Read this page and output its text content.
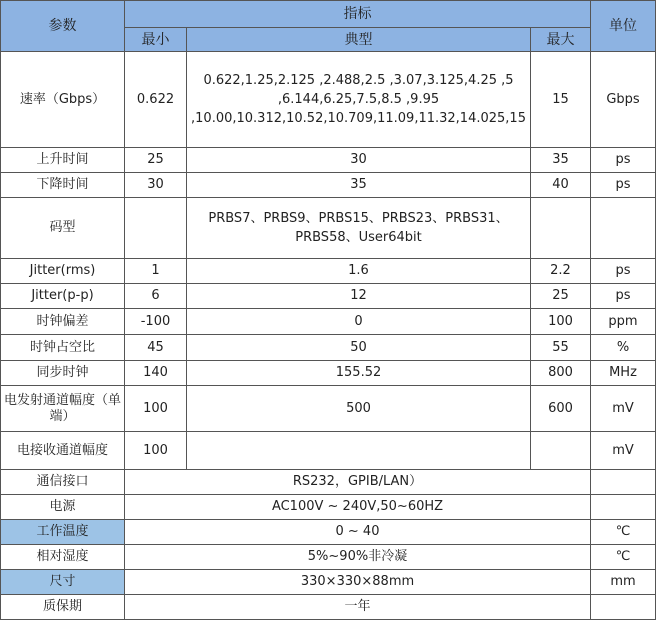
参数	指标			单位
	最小	典型	最大	
速率（Gbps）	0.622	0.622,1.25,2.125 ,2.488,2.5 ,3.07,3.125,4.25 ,5 ,6.144,6.25,7.5,8.5 ,9.95 ,10.00,10.312,10.52,10.709,11.09,11.32,14.025,15	15	Gbps
上升时间	25	30	35	ps
下降时间	30	35	40	ps
码型		PRBS7、PRBS9、PRBS15、PRBS23、PRBS31、PRBS58、User64bit		
Jitter(rms)	1	1.6	2.2	ps
Jitter(p-p)	6	12	25	ps
时钟偏差	-100	0	100	ppm
时钟占空比	45	50	55	%
同步时钟	140	155.52	800	MHz
电发射通道幅度（单端）	100	500	600	mV
电接收通道幅度	100			mV
通信接口	RS232，GPIB/LAN）			
电源	AC100V ~ 240V,50~60HZ			
工作温度	0 ~ 40			℃
相对湿度	5%~90%非冷凝			℃
尺寸	330×330×88mm			mm
质保期	一年			
